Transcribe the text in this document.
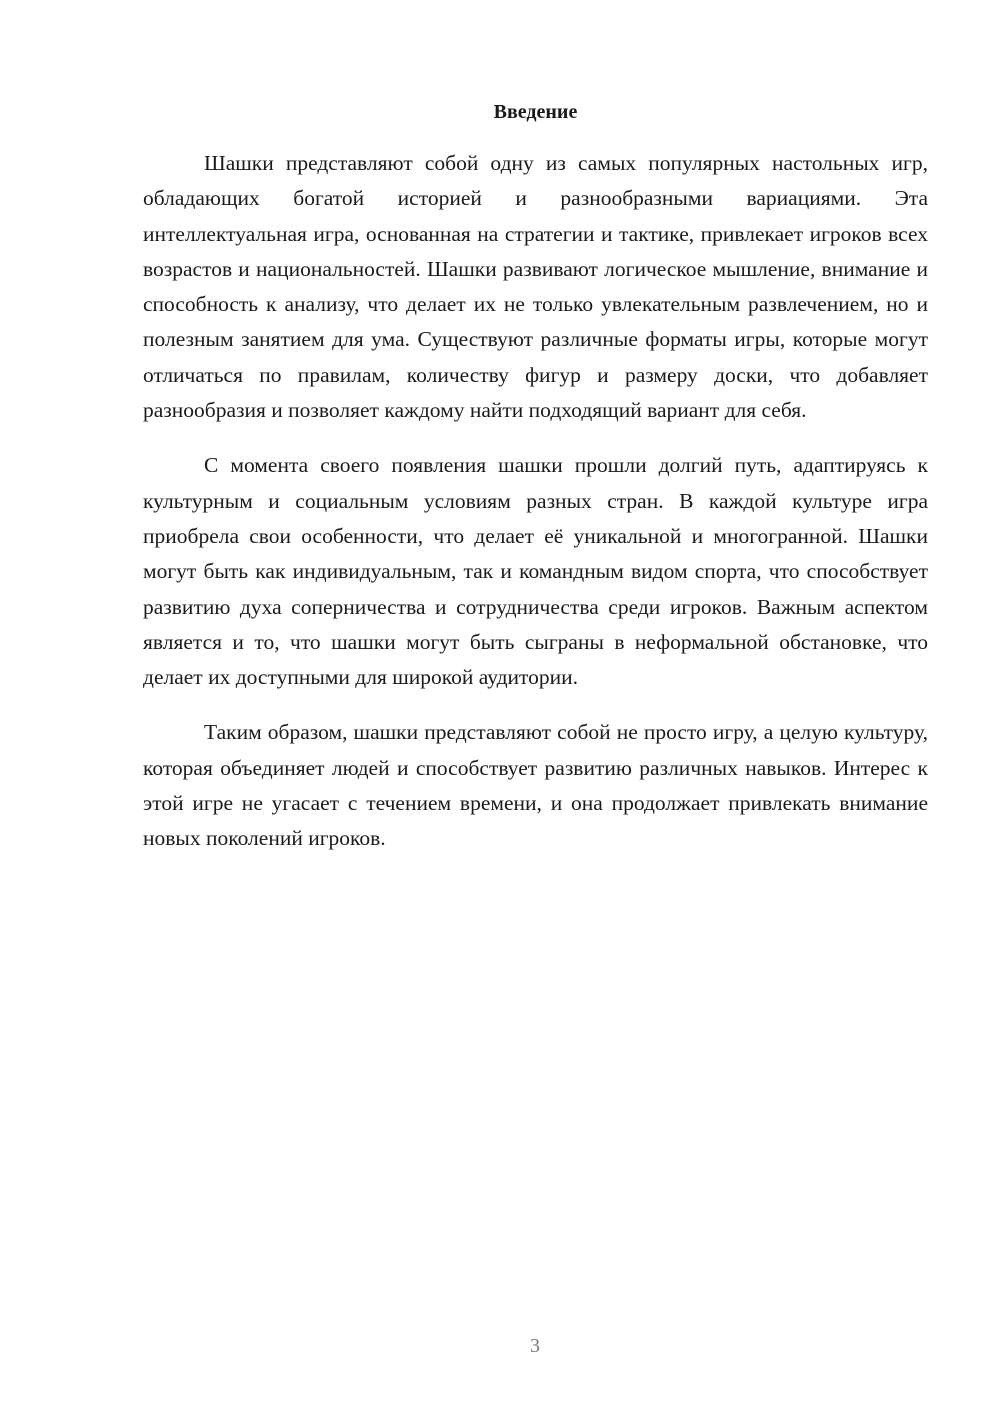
Введение

Шашки представляют собой одну из самых популярных настольных игр, обладающих богатой историей и разнообразными вариациями. Эта интеллектуальная игра, основанная на стратегии и тактике, привлекает игроков всех возрастов и национальностей. Шашки развивают логическое мышление, внимание и способность к анализу, что делает их не только увлекательным развлечением, но и полезным занятием для ума. Существуют различные форматы игры, которые могут отличаться по правилам, количеству фигур и размеру доски, что добавляет разнообразия и позволяет каждому найти подходящий вариант для себя.

С момента своего появления шашки прошли долгий путь, адаптируясь к культурным и социальным условиям разных стран. В каждой культуре игра приобрела свои особенности, что делает её уникальной и многогранной. Шашки могут быть как индивидуальным, так и командным видом спорта, что способствует развитию духа соперничества и сотрудничества среди игроков. Важным аспектом является и то, что шашки могут быть сыграны в неформальной обстановке, что делает их доступными для широкой аудитории.

Таким образом, шашки представляют собой не просто игру, а целую культуру, которая объединяет людей и способствует развитию различных навыков. Интерес к этой игре не угасает с течением времени, и она продолжает привлекать внимание новых поколений игроков.

3
